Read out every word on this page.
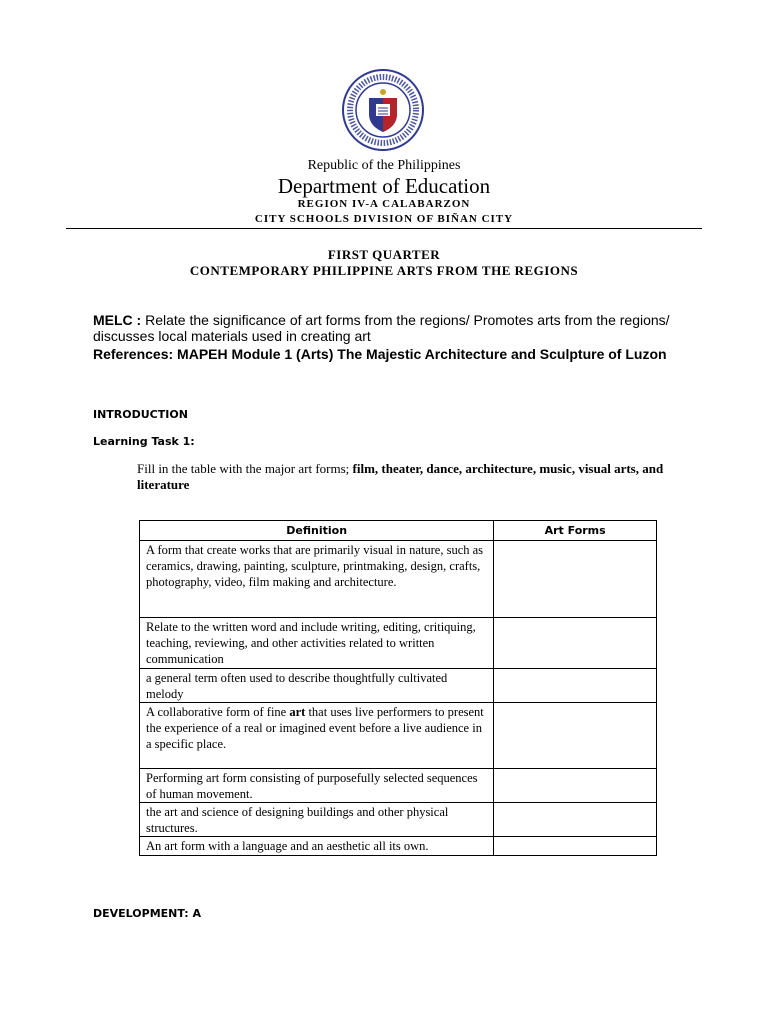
Republic of the Philippines
Department of Education
REGION IV-A CALABARZON
CITY SCHOOLS DIVISION OF BIÑAN CITY
FIRST QUARTER
CONTEMPORARY PHILIPPINE ARTS FROM THE REGIONS
MELC : Relate the significance of art forms from the regions/ Promotes arts from the regions/ discusses local materials used in creating art
References: MAPEH Module 1 (Arts) The Majestic Architecture and Sculpture of Luzon
INTRODUCTION
Learning Task 1:
Fill in the table with the major art forms; film, theater, dance, architecture, music, visual arts, and literature
Definition	Art Forms
A form that create works that are primarily visual in nature, such as ceramics, drawing, painting, sculpture, printmaking, design, crafts, photography, video, film making and architecture.	
Relate to the written word and include writing, editing, critiquing, teaching, reviewing, and other activities related to written communication	
a general term often used to describe thoughtfully cultivated melody	
A collaborative form of fine art that uses live performers to present the experience of a real or imagined event before a live audience in a specific place.	
Performing art form consisting of purposefully selected sequences of human movement.	
the art and science of designing buildings and other physical structures.	
An art form with a language and an aesthetic all its own.	
DEVELOPMENT: A
